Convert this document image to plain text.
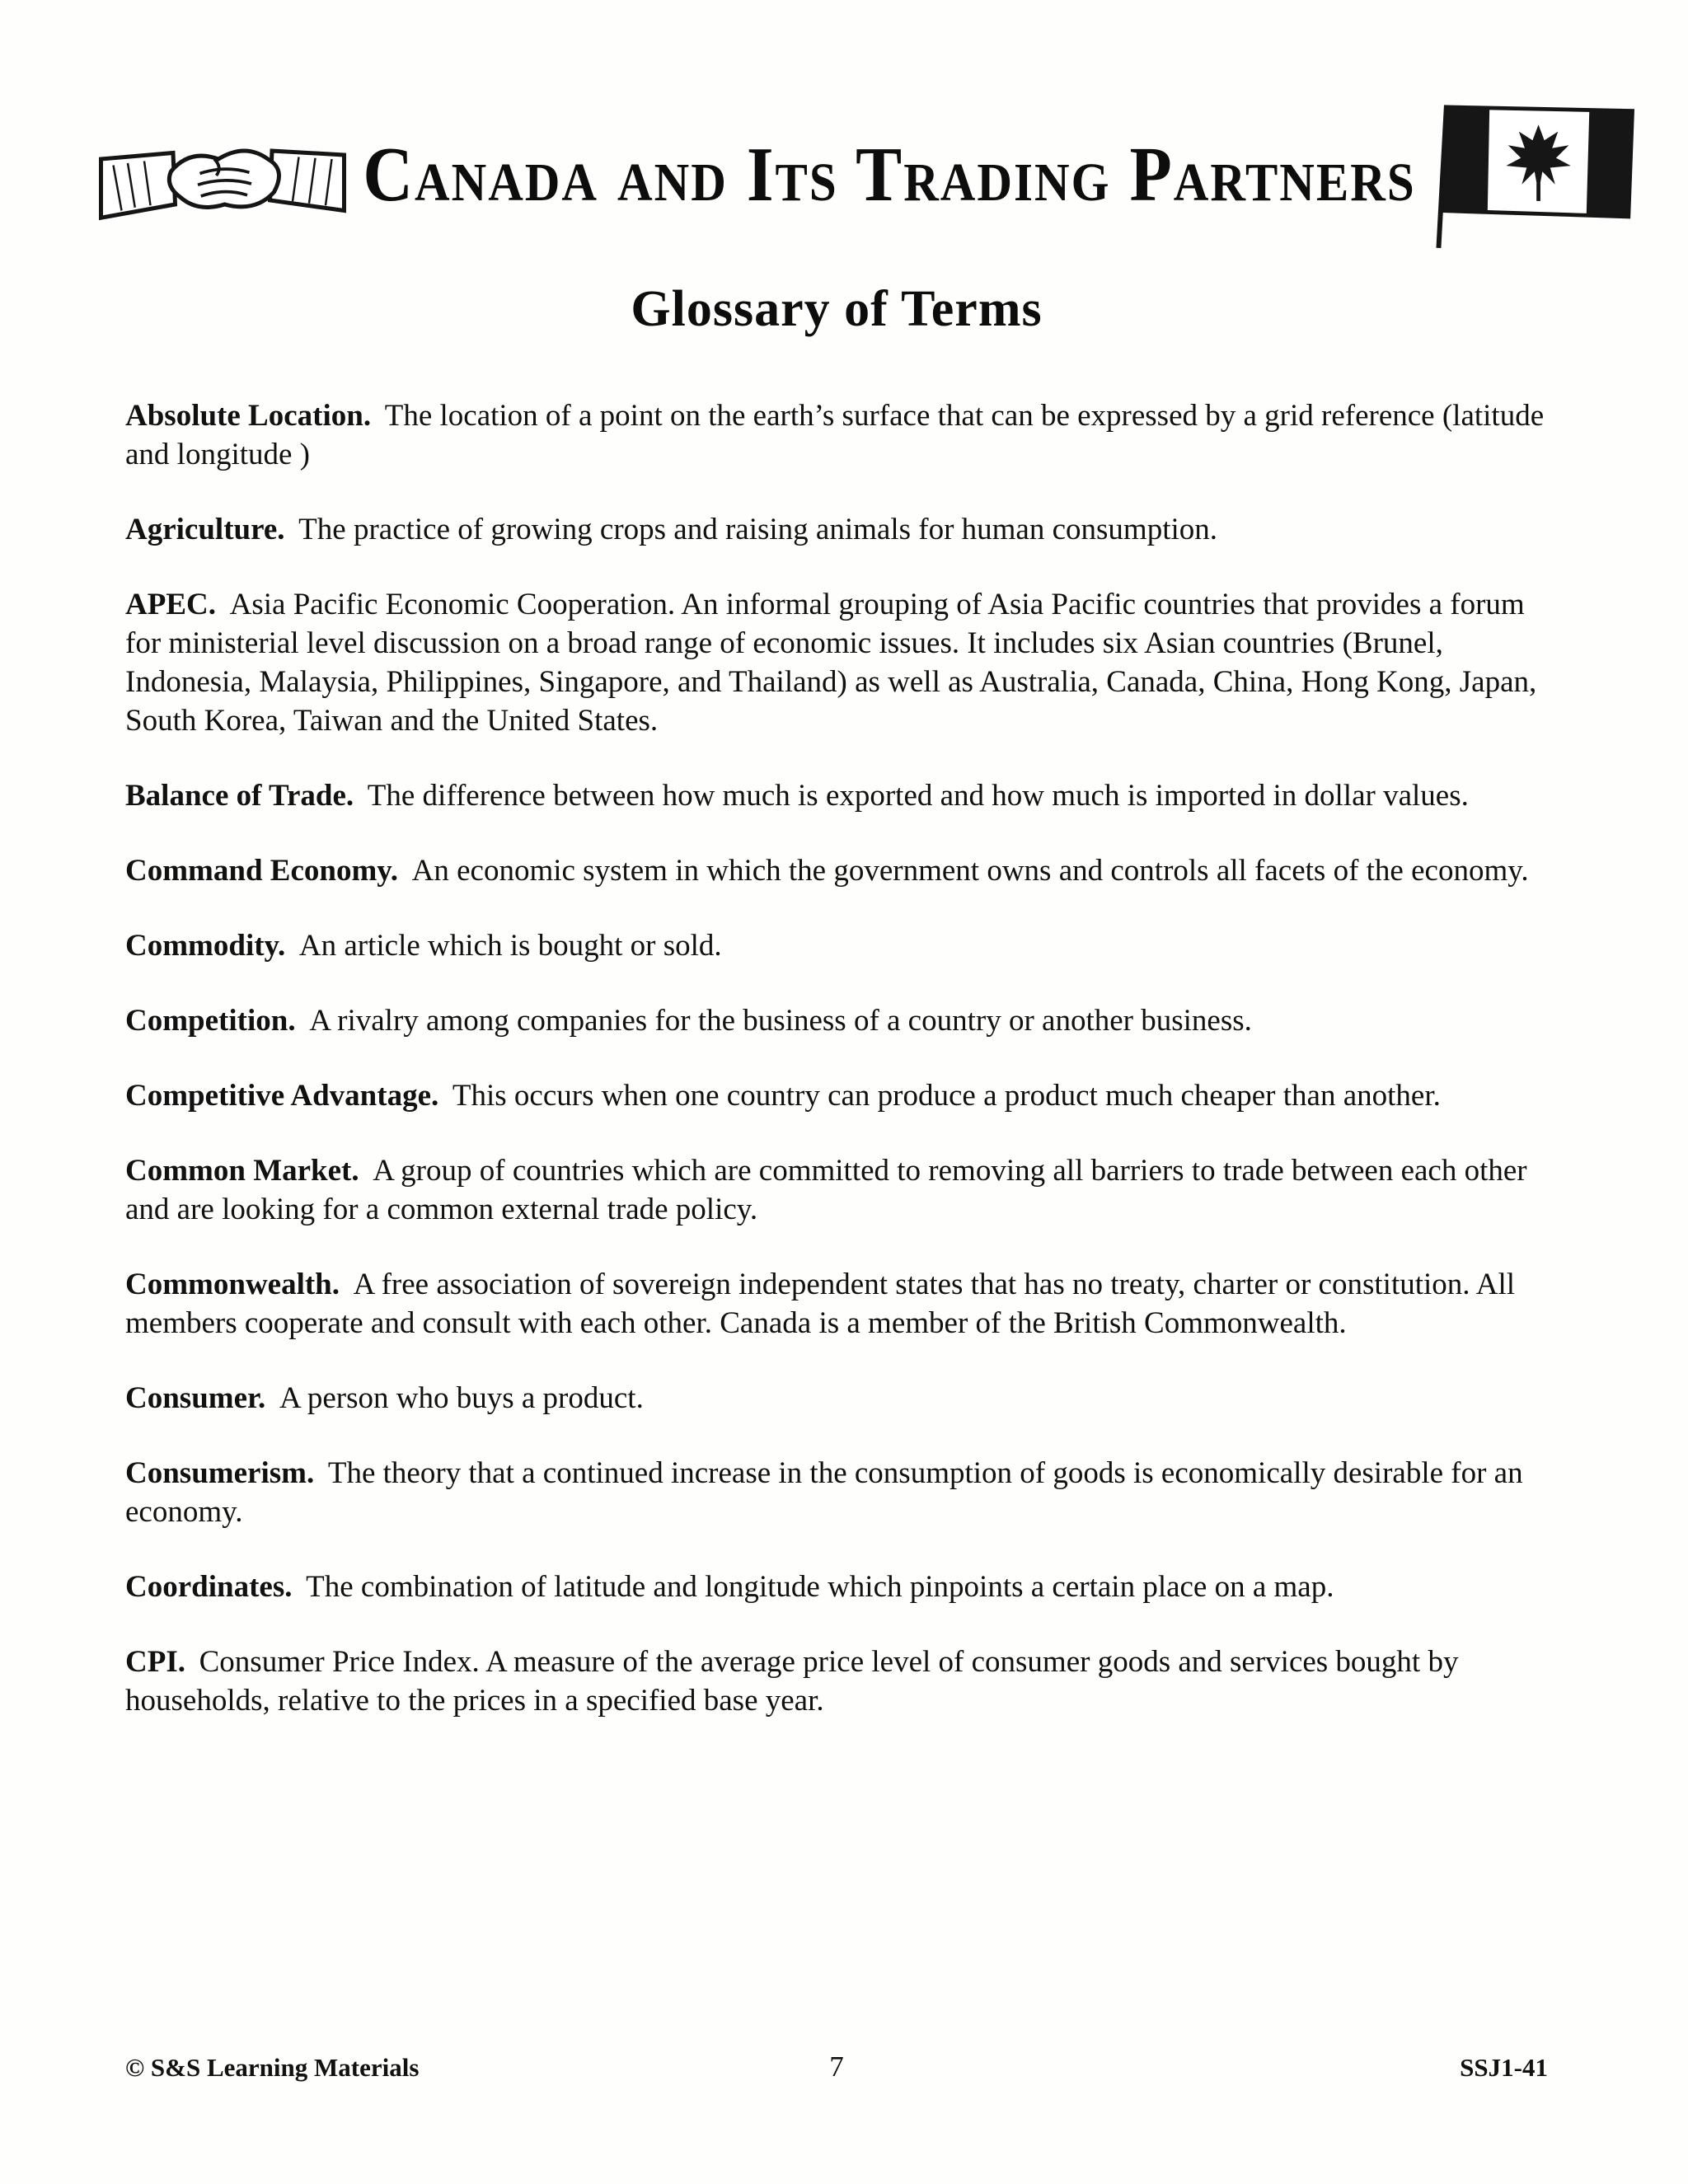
Canada and Its Trading Partners
Glossary of Terms

Absolute Location. The location of a point on the earth’s surface that can be expressed by a grid reference (latitude and longitude )

Agriculture. The practice of growing crops and raising animals for human consumption.

APEC. Asia Pacific Economic Cooperation. An informal grouping of Asia Pacific countries that provides a forum for ministerial level discussion on a broad range of economic issues. It includes six Asian countries (Brunel, Indonesia, Malaysia, Philippines, Singapore, and Thailand) as well as Australia, Canada, China, Hong Kong, Japan, South Korea, Taiwan and the United States.

Balance of Trade. The difference between how much is exported and how much is imported in dollar values.

Command Economy. An economic system in which the government owns and controls all facets of the economy.

Commodity. An article which is bought or sold.

Competition. A rivalry among companies for the business of a country or another business.

Competitive Advantage. This occurs when one country can produce a product much cheaper than another.

Common Market. A group of countries which are committed to removing all barriers to trade between each other and are looking for a common external trade policy.

Commonwealth. A free association of sovereign independent states that has no treaty, charter or constitution. All members cooperate and consult with each other. Canada is a member of the British Commonwealth.

Consumer. A person who buys a product.

Consumerism. The theory that a continued increase in the consumption of goods is economically desirable for an economy.

Coordinates. The combination of latitude and longitude which pinpoints a certain place on a map.

CPI. Consumer Price Index. A measure of the average price level of consumer goods and services bought by households, relative to the prices in a specified base year.

© S&S Learning Materials	7	SSJ1-41
